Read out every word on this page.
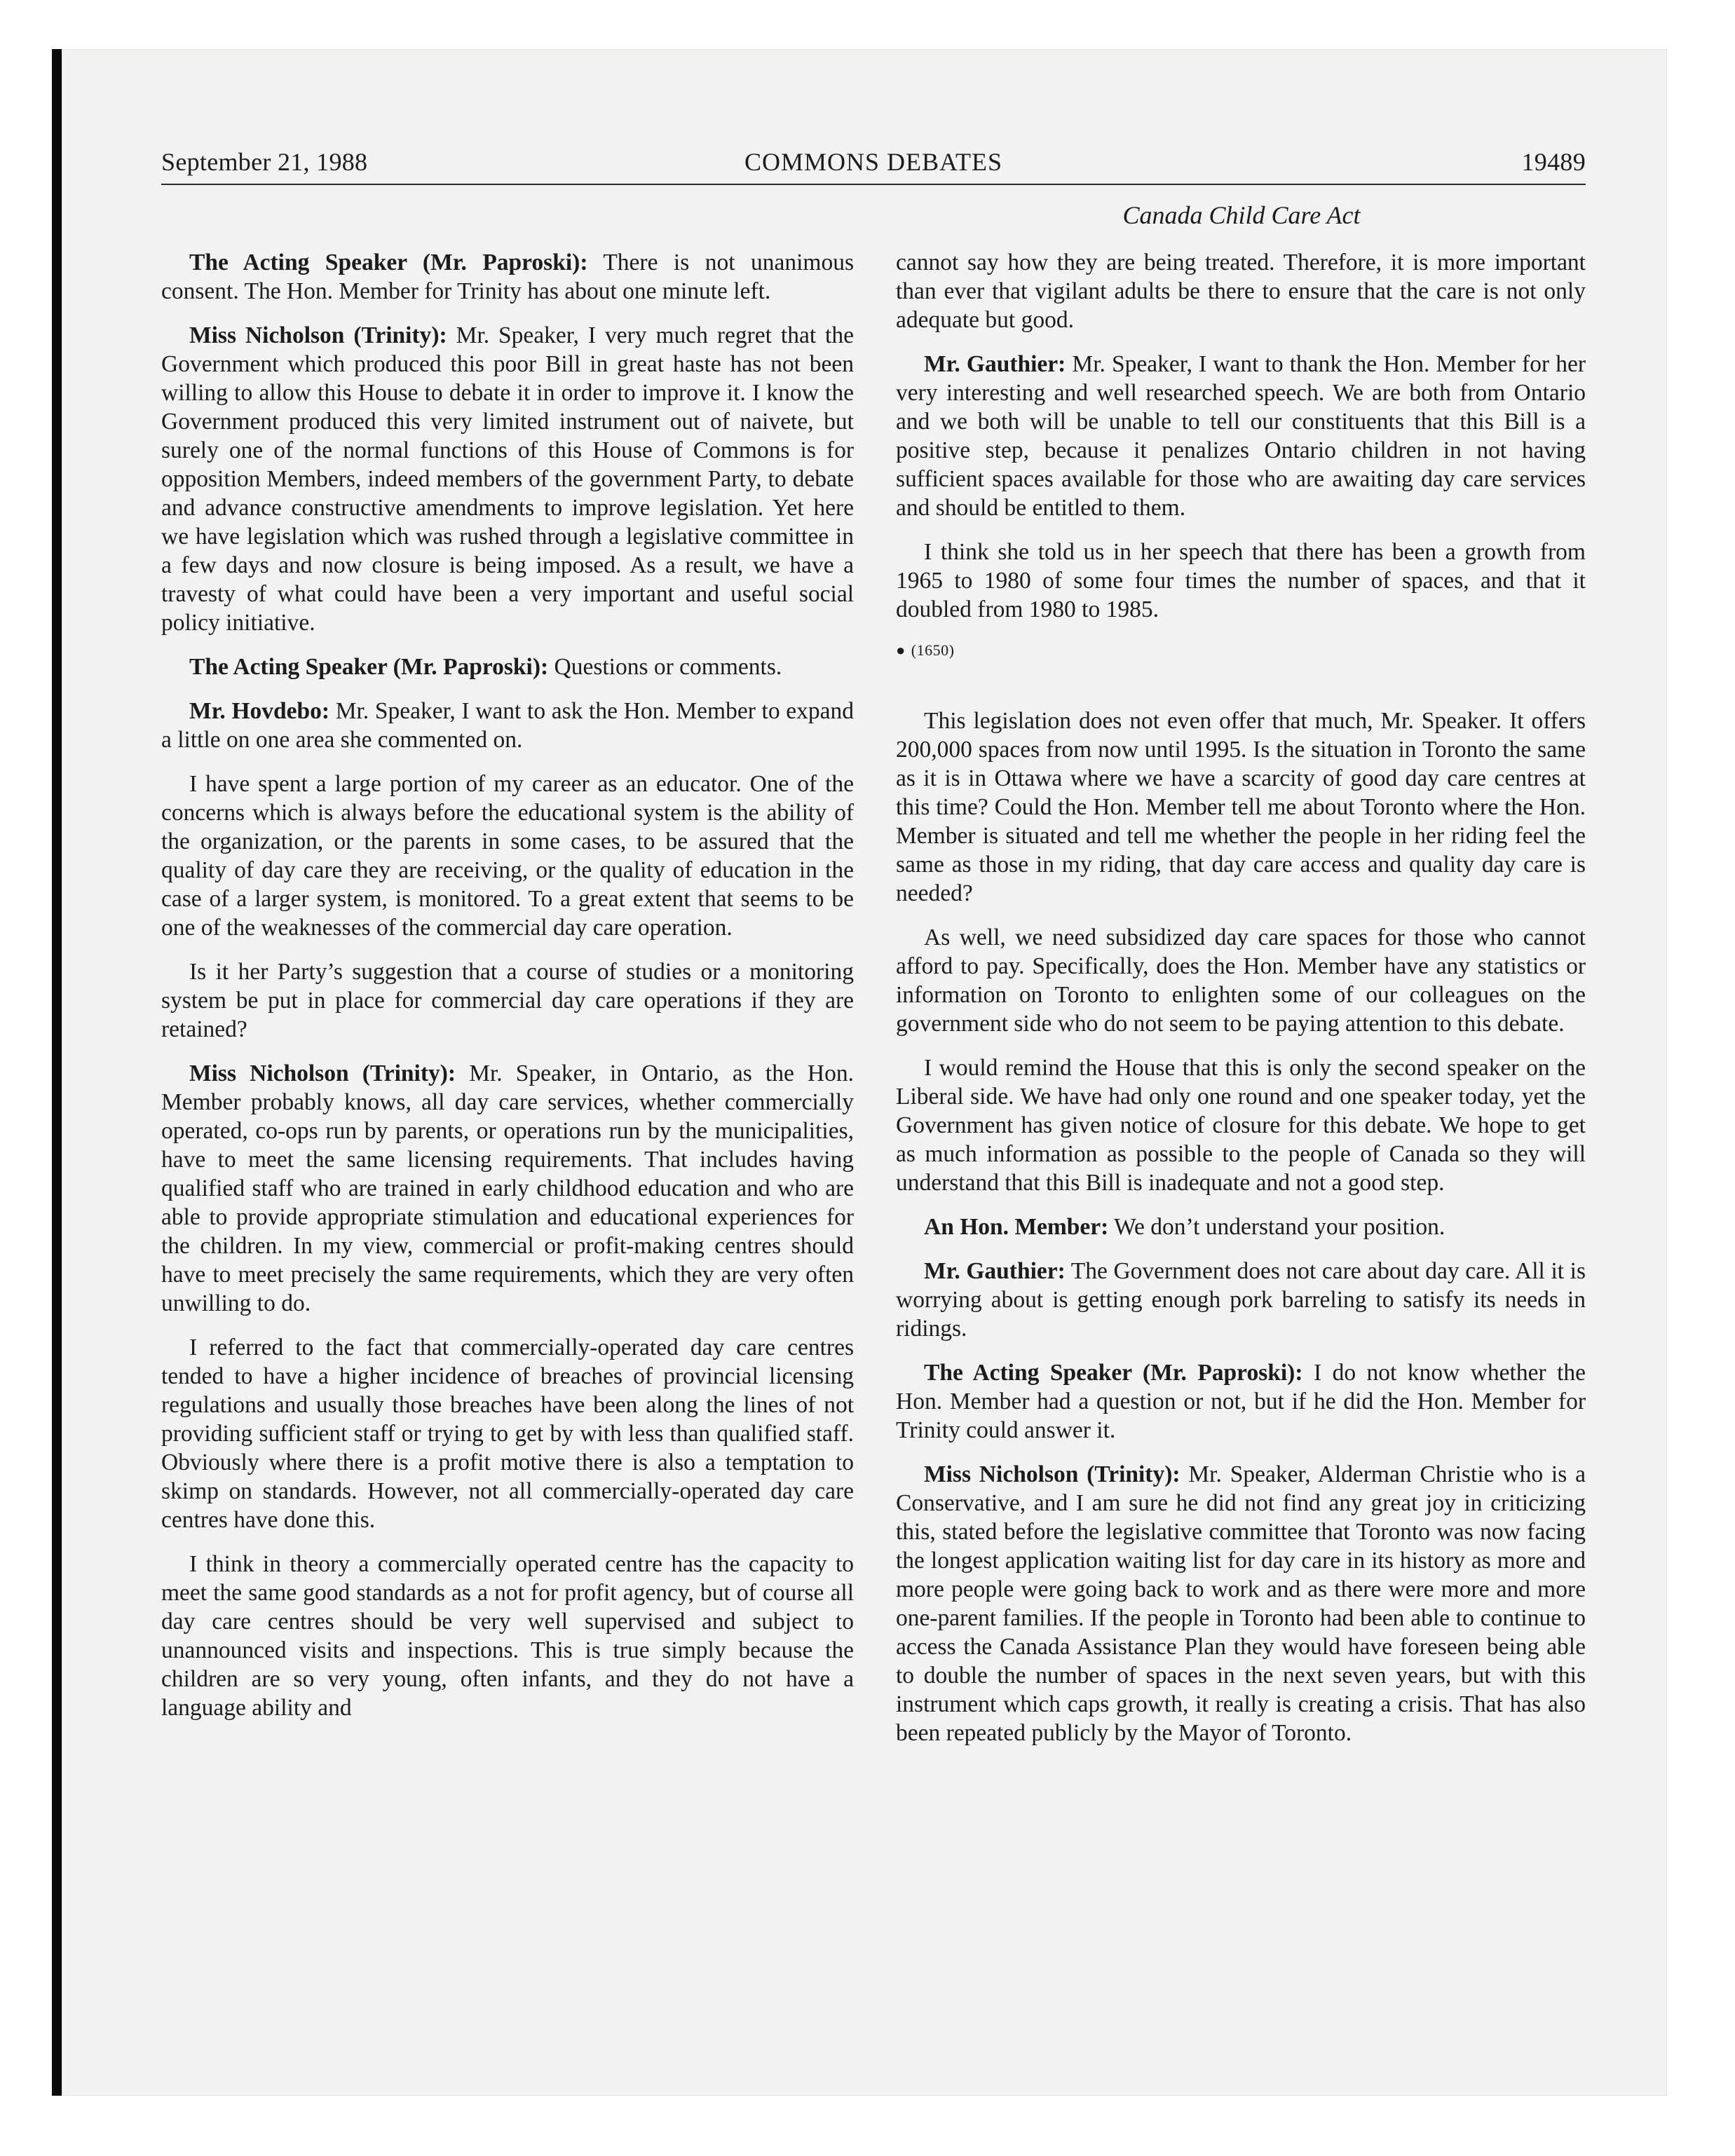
September 21, 1988	COMMONS DEBATES	19489
Canada Child Care Act

The Acting Speaker (Mr. Paproski): There is not unanimous consent. The Hon. Member for Trinity has about one minute left.

Miss Nicholson (Trinity): Mr. Speaker, I very much regret that the Government which produced this poor Bill in great haste has not been willing to allow this House to debate it in order to improve it. I know the Government produced this very limited instrument out of naivete, but surely one of the normal functions of this House of Commons is for opposition Members, indeed members of the government Party, to debate and advance constructive amendments to improve legislation. Yet here we have legislation which was rushed through a legislative committee in a few days and now closure is being imposed. As a result, we have a travesty of what could have been a very important and useful social policy initiative.

The Acting Speaker (Mr. Paproski): Questions or comments.

Mr. Hovdebo: Mr. Speaker, I want to ask the Hon. Member to expand a little on one area she commented on.

I have spent a large portion of my career as an educator. One of the concerns which is always before the educational system is the ability of the organization, or the parents in some cases, to be assured that the quality of day care they are receiving, or the quality of education in the case of a larger system, is monitored. To a great extent that seems to be one of the weaknesses of the commercial day care operation.

Is it her Party’s suggestion that a course of studies or a monitoring system be put in place for commercial day care operations if they are retained?

Miss Nicholson (Trinity): Mr. Speaker, in Ontario, as the Hon. Member probably knows, all day care services, whether commercially operated, co-ops run by parents, or operations run by the municipalities, have to meet the same licensing requirements. That includes having qualified staff who are trained in early childhood education and who are able to provide appropriate stimulation and educational experiences for the children. In my view, commercial or profit-making centres should have to meet precisely the same requirements, which they are very often unwilling to do.

I referred to the fact that commercially-operated day care centres tended to have a higher incidence of breaches of provincial licensing regulations and usually those breaches have been along the lines of not providing sufficient staff or trying to get by with less than qualified staff. Obviously where there is a profit motive there is also a temptation to skimp on standards. However, not all commercially-operated day care centres have done this.

I think in theory a commercially operated centre has the capacity to meet the same good standards as a not for profit agency, but of course all day care centres should be very well supervised and subject to unannounced visits and inspections. This is true simply because the children are so very young, often infants, and they do not have a language ability and

cannot say how they are being treated. Therefore, it is more important than ever that vigilant adults be there to ensure that the care is not only adequate but good.

Mr. Gauthier: Mr. Speaker, I want to thank the Hon. Member for her very interesting and well researched speech. We are both from Ontario and we both will be unable to tell our constituents that this Bill is a positive step, because it penalizes Ontario children in not having sufficient spaces available for those who are awaiting day care services and should be entitled to them.

I think she told us in her speech that there has been a growth from 1965 to 1980 of some four times the number of spaces, and that it doubled from 1980 to 1985.

● (1650)

This legislation does not even offer that much, Mr. Speaker. It offers 200,000 spaces from now until 1995. Is the situation in Toronto the same as it is in Ottawa where we have a scarcity of good day care centres at this time? Could the Hon. Member tell me about Toronto where the Hon. Member is situated and tell me whether the people in her riding feel the same as those in my riding, that day care access and quality day care is needed?

As well, we need subsidized day care spaces for those who cannot afford to pay. Specifically, does the Hon. Member have any statistics or information on Toronto to enlighten some of our colleagues on the government side who do not seem to be paying attention to this debate.

I would remind the House that this is only the second speaker on the Liberal side. We have had only one round and one speaker today, yet the Government has given notice of closure for this debate. We hope to get as much information as possible to the people of Canada so they will understand that this Bill is inadequate and not a good step.

An Hon. Member: We don’t understand your position.

Mr. Gauthier: The Government does not care about day care. All it is worrying about is getting enough pork barreling to satisfy its needs in ridings.

The Acting Speaker (Mr. Paproski): I do not know whether the Hon. Member had a question or not, but if he did the Hon. Member for Trinity could answer it.

Miss Nicholson (Trinity): Mr. Speaker, Alderman Christie who is a Conservative, and I am sure he did not find any great joy in criticizing this, stated before the legislative committee that Toronto was now facing the longest application waiting list for day care in its history as more and more people were going back to work and as there were more and more one-parent families. If the people in Toronto had been able to continue to access the Canada Assistance Plan they would have foreseen being able to double the number of spaces in the next seven years, but with this instrument which caps growth, it really is creating a crisis. That has also been repeated publicly by the Mayor of Toronto.
